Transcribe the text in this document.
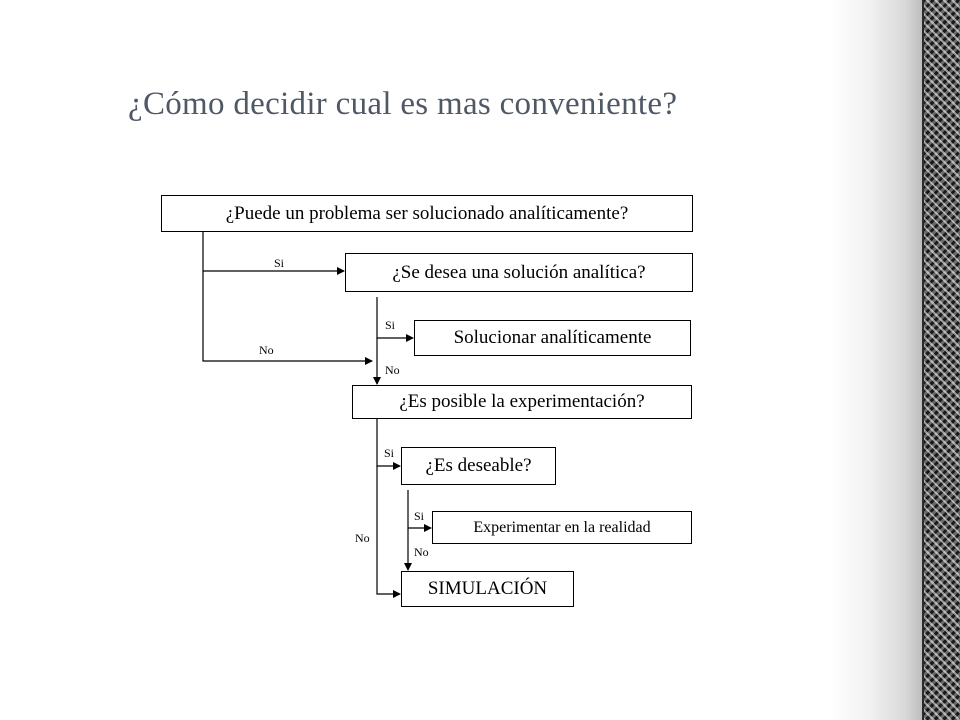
¿Cómo decidir cual es mas conveniente?
¿Puede un problema ser solucionado analíticamente?
¿Se desea una solución analítica?
Solucionar analíticamente
¿Es posible la experimentación?
¿Es deseable?
Experimentar en la realidad
SIMULACIÓN
Si
No
Si
No
Si
No
Si
No
